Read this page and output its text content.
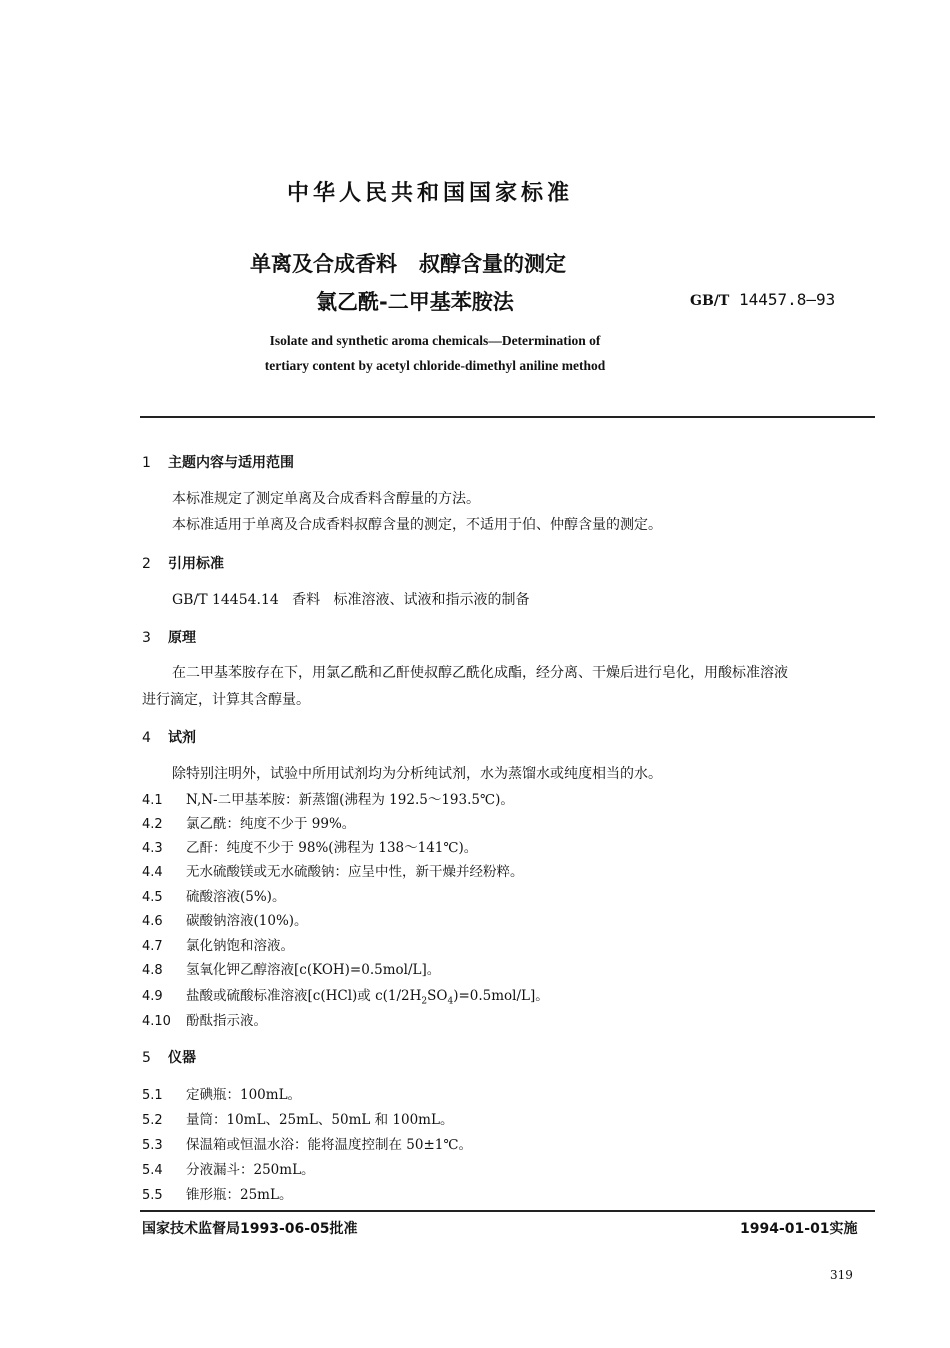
中华人民共和国国家标准
单离及合成香料 叔醇含量的测定
氯乙酰-二甲基苯胺法	GB/T 14457.8—93
Isolate and synthetic aroma chemicals—Determination of
tertiary content by acetyl chloride-dimethyl aniline method
1 主题内容与适用范围
本标准规定了测定单离及合成香料含醇量的方法。
本标准适用于单离及合成香料叔醇含量的测定，不适用于伯、仲醇含量的测定。
2 引用标准
GB/T 14454.14   香料   标准溶液、试液和指示液的制备
3 原理
在二甲基苯胺存在下，用氯乙酰和乙酐使叔醇乙酰化成酯，经分离、干燥后进行皂化，用酸标准溶液
进行滴定，计算其含醇量。
4 试剂
除特别注明外，试验中所用试剂均为分析纯试剂，水为蒸馏水或纯度相当的水。
4.1 N,N-二甲基苯胺：新蒸馏(沸程为 192.5～193.5℃)。
4.2 氯乙酰：纯度不少于 99%。
4.3 乙酐：纯度不少于 98%(沸程为 138～141℃)。
4.4 无水硫酸镁或无水硫酸钠：应呈中性，新干燥并经粉粹。
4.5 硫酸溶液(5%)。
4.6 碳酸钠溶液(10%)。
4.7 氯化钠饱和溶液。
4.8 氢氧化钾乙醇溶液[c(KOH)=0.5mol/L]。
4.9 盐酸或硫酸标准溶液[c(HCl)或 $c(1/2H_2SO_4)=0.5mol/L$]。
4.10 酚酞指示液。
5 仪器
5.1 定碘瓶：100mL。
5.2 量筒：10mL、25mL、50mL 和 100mL。
5.3 保温箱或恒温水浴：能将温度控制在 50±1℃。
5.4 分液漏斗：250mL。
5.5 锥形瓶：25mL。
国家技术监督局1993-06-05批准	1994-01-01实施
319
